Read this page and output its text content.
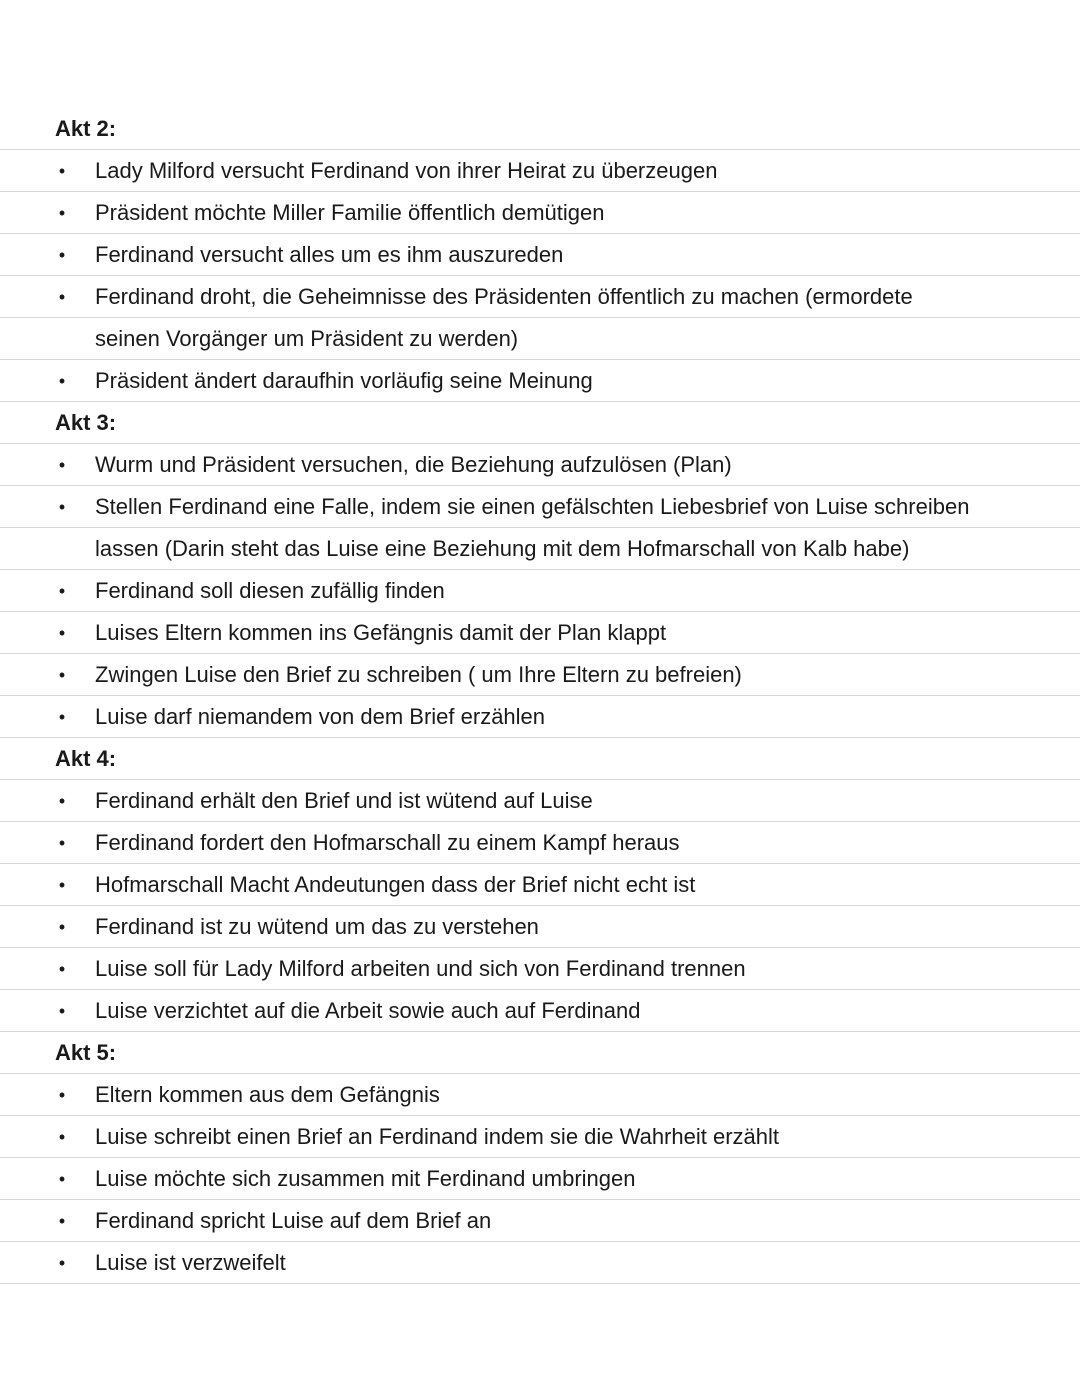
Akt 2:
• Lady Milford versucht Ferdinand von ihrer Heirat zu überzeugen
• Präsident möchte Miller Familie öffentlich demütigen
• Ferdinand versucht alles um es ihm auszureden
• Ferdinand droht, die Geheimnisse des Präsidenten öffentlich zu machen (ermordete
seinen Vorgänger um Präsident zu werden)
• Präsident ändert daraufhin vorläufig seine Meinung
Akt 3:
• Wurm und Präsident versuchen, die Beziehung aufzulösen (Plan)
• Stellen Ferdinand eine Falle, indem sie einen gefälschten Liebesbrief von Luise schreiben
lassen (Darin steht das Luise eine Beziehung mit dem Hofmarschall von Kalb habe)
• Ferdinand soll diesen zufällig finden
• Luises Eltern kommen ins Gefängnis damit der Plan klappt
• Zwingen Luise den Brief zu schreiben ( um Ihre Eltern zu befreien)
• Luise darf niemandem von dem Brief erzählen
Akt 4:
• Ferdinand erhält den Brief und ist wütend auf Luise
• Ferdinand fordert den Hofmarschall zu einem Kampf heraus
• Hofmarschall Macht Andeutungen dass der Brief nicht echt ist
• Ferdinand ist zu wütend um das zu verstehen
• Luise soll für Lady Milford arbeiten und sich von Ferdinand trennen
• Luise verzichtet auf die Arbeit sowie auch auf Ferdinand
Akt 5:
• Eltern kommen aus dem Gefängnis
• Luise schreibt einen Brief an Ferdinand indem sie die Wahrheit erzählt
• Luise möchte sich zusammen mit Ferdinand umbringen
• Ferdinand spricht Luise auf dem Brief an
• Luise ist verzweifelt
